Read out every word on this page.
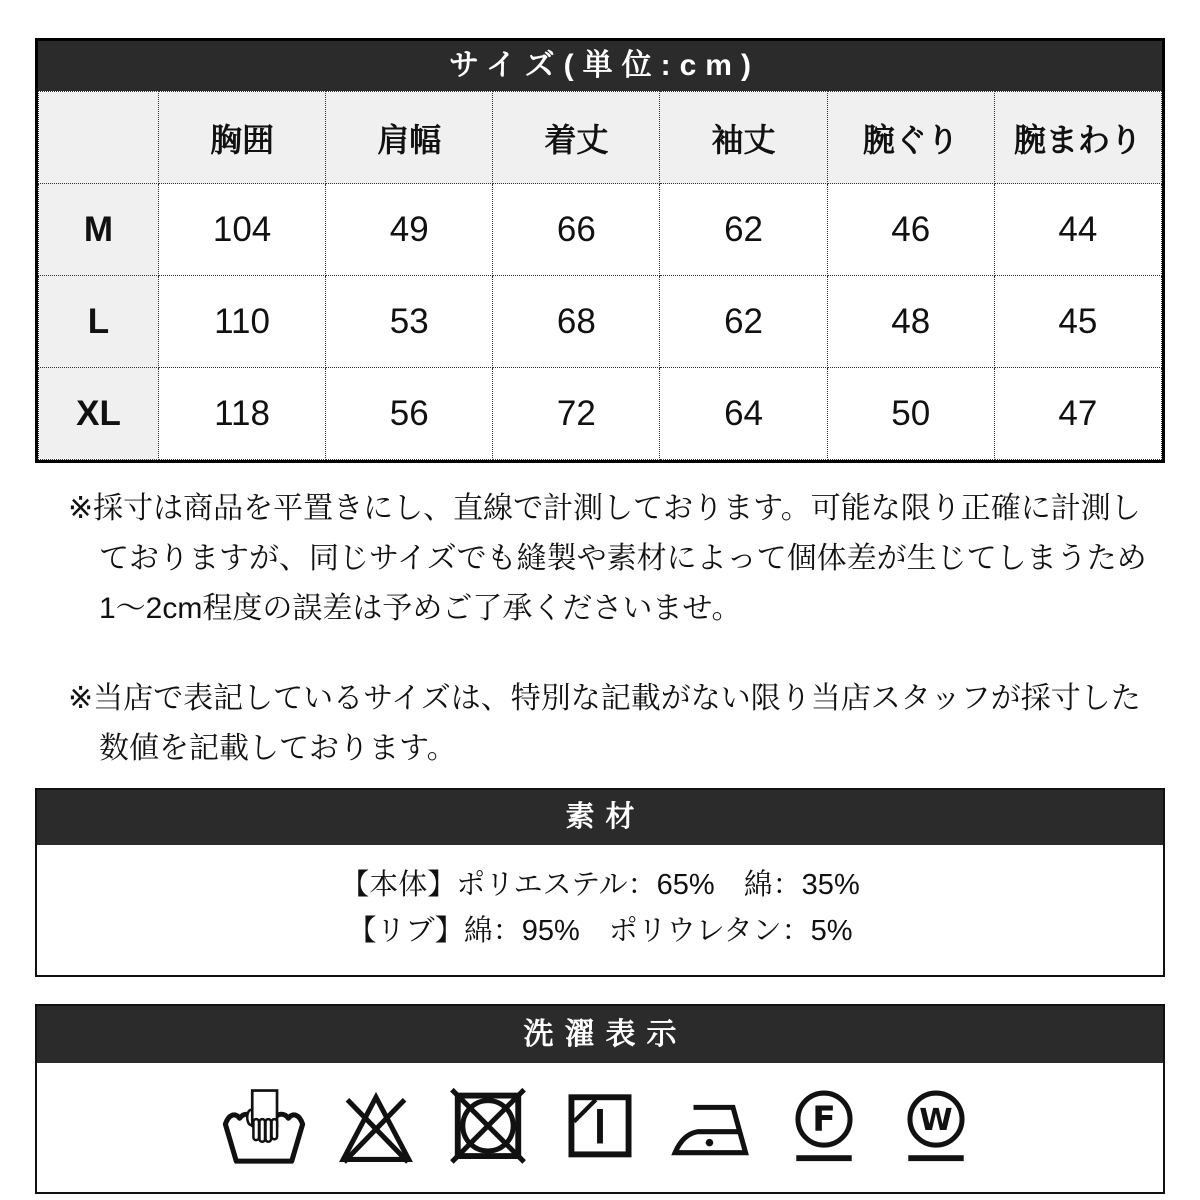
サイズ(単位:cm)
	胸囲	肩幅	着丈	袖丈	腕ぐり	腕まわり
M	104	49	66	62	46	44
L	110	53	68	62	48	45
XL	118	56	72	64	50	47
※採寸は商品を平置きにし、直線で計測しております。可能な限り正確に計測し
ておりますが、同じサイズでも縫製や素材によって個体差が生じてしまうため
1〜2cm程度の誤差は予めご了承くださいませ。
※当店で表記しているサイズは、特別な記載がない限り当店スタッフが採寸した
数値を記載しております。
素材
【本体】ポリエステル：65%　綿：35%
【リブ】綿：95%　ポリウレタン：5%
洗濯表示
F W
